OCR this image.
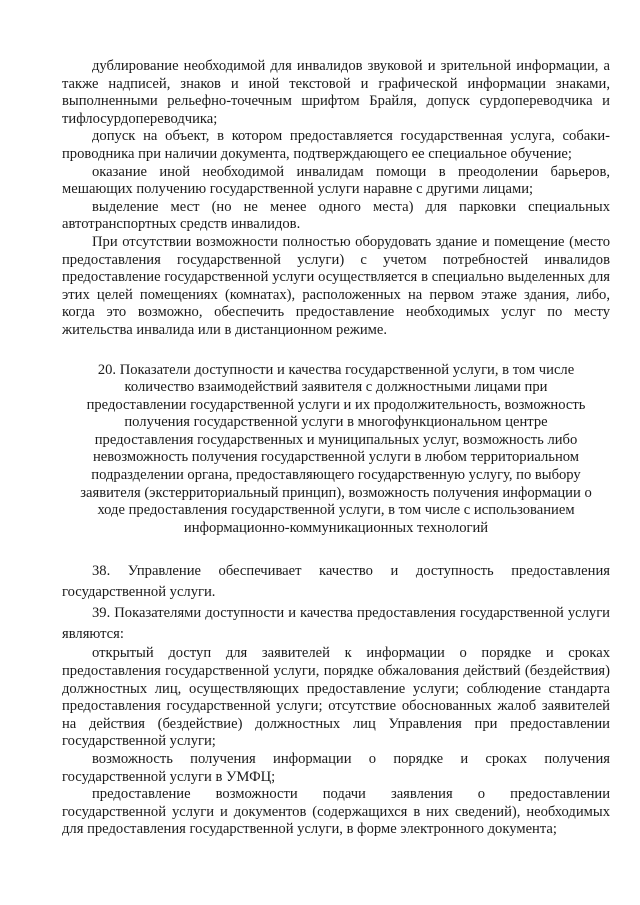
дублирование необходимой для инвалидов звуковой и зрительной информации, а также надписей, знаков и иной текстовой и графической информации знаками, выполненными рельефно-точечным шрифтом Брайля, допуск сурдопереводчика и тифлосурдопереводчика;

допуск на объект, в котором предоставляется государственная услуга, собаки-проводника при наличии документа, подтверждающего ее специальное обучение;

оказание иной необходимой инвалидам помощи в преодолении барьеров, мешающих получению государственной услуги наравне с другими лицами;

выделение мест (но не менее одного места) для парковки специальных автотранспортных средств инвалидов.

При отсутствии возможности полностью оборудовать здание и помещение (место предоставления государственной услуги) с учетом потребностей инвалидов предоставление государственной услуги осуществляется в специально выделенных для этих целей помещениях (комнатах), расположенных на первом этаже здания, либо, когда это возможно, обеспечить предоставление необходимых услуг по месту жительства инвалида или в дистанционном режиме.

20. Показатели доступности и качества государственной услуги, в том числе количество взаимодействий заявителя с должностными лицами при предоставлении государственной услуги и их продолжительность, возможность получения государственной услуги в многофункциональном центре предоставления государственных и муниципальных услуг, возможность либо невозможность получения государственной услуги в любом территориальном подразделении органа, предоставляющего государственную услугу, по выбору заявителя (экстерриториальный принцип), возможность получения информации о ходе предоставления государственной услуги, в том числе с использованием информационно-коммуникационных технологий

38. Управление обеспечивает качество и доступность предоставления государственной услуги.

39. Показателями доступности и качества предоставления государственной услуги являются:

открытый доступ для заявителей к информации о порядке и сроках предоставления государственной услуги, порядке обжалования действий (бездействия) должностных лиц, осуществляющих предоставление услуги; соблюдение стандарта предоставления государственной услуги; отсутствие обоснованных жалоб заявителей на действия (бездействие) должностных лиц Управления при предоставлении государственной услуги;

возможность получения информации о порядке и сроках получения государственной услуги в УМФЦ;

предоставление возможности подачи заявления о предоставлении государственной услуги и документов (содержащихся в них сведений), необходимых для предоставления государственной услуги, в форме электронного документа;
